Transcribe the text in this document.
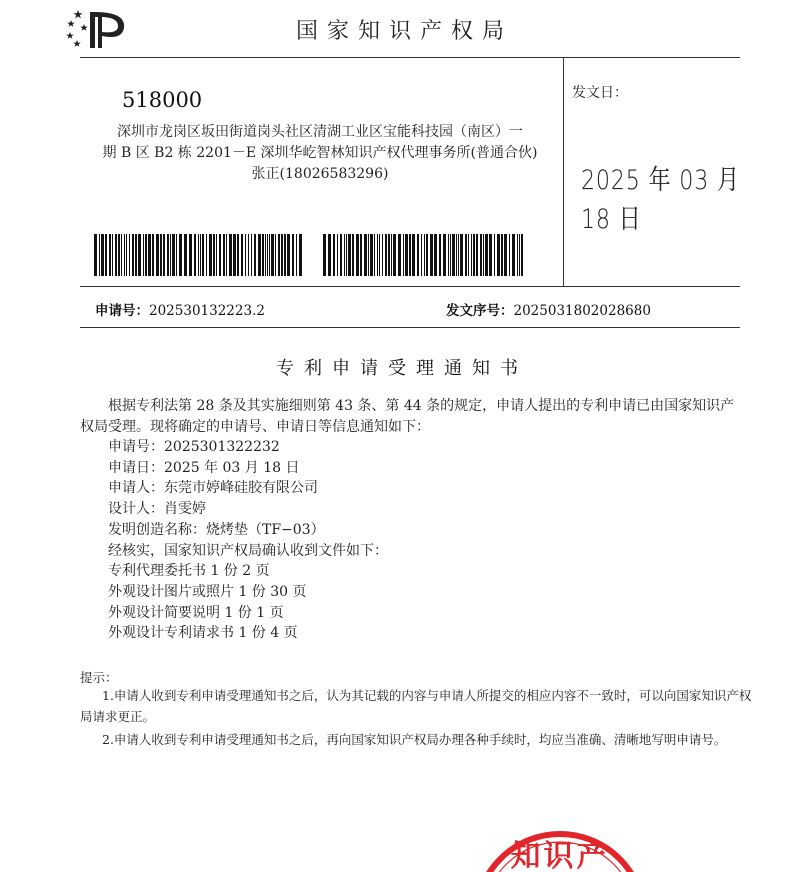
国家知识产权局
518000
深圳市龙岗区坂田街道岗头社区清湖工业区宝能科技园（南区）一
期 B 区 B2 栋 2201－E 深圳华屹智林知识产权代理事务所(普通合伙)
张正(18026583296)
发文日：
2025 年 03 月 18 日
申请号：202530132223.2	发文序号：2025031802028680
专利申请受理通知书
根据专利法第 28 条及其实施细则第 43 条、第 44 条的规定，申请人提出的专利申请已由国家知识产权局受理。现将确定的申请号、申请日等信息通知如下：
申请号：2025301322232
申请日：2025 年 03 月 18 日
申请人：东莞市婷峰硅胶有限公司
设计人：肖雯婷
发明创造名称：烧烤垫（TF−03）
经核实，国家知识产权局确认收到文件如下：
专利代理委托书 1 份 2 页
外观设计图片或照片 1 份 30 页
外观设计简要说明 1 份 1 页
外观设计专利请求书 1 份 4 页
提示：
1.申请人收到专利申请受理通知书之后，认为其记载的内容与申请人所提交的相应内容不一致时，可以向国家知识产权局请求更正。
2.申请人收到专利申请受理通知书之后，再向国家知识产权局办理各种手续时，均应当准确、清晰地写明申请号。
知识产
